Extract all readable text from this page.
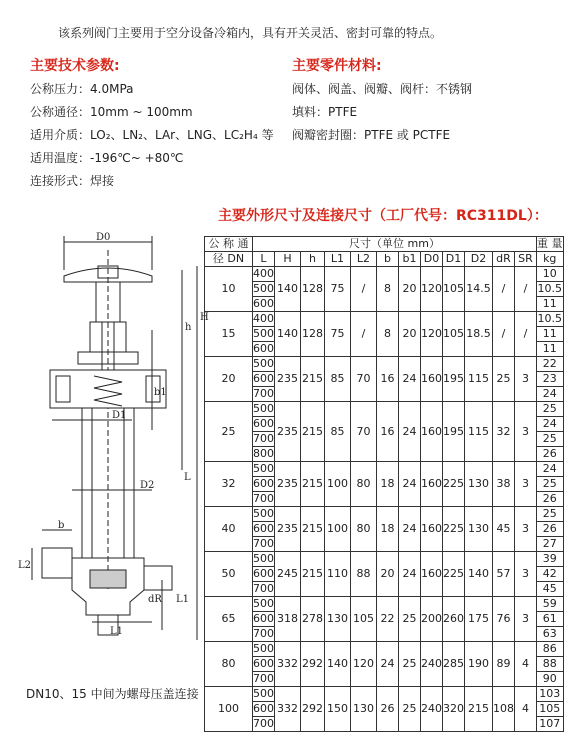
该系列阀门主要用于空分设备冷箱内，具有开关灵活、密封可靠的特点。
主要技术参数:
公称压力：4.0MPa
公称通径：10mm ~ 100mm
适用介质：LO₂、LN₂、LAr、LNG、LC₂H₄ 等
适用温度：-196℃~ +80℃
连接形式：焊接
主要零件材料:
阀体、阀盖、阀瓣、阀杆：不锈钢
填料：PTFE
阀瓣密封圈：PTFE 或 PCTFE
主要外形尺寸及连接尺寸（工厂代号：RC311DL）：
D0
h
H
b1
D1
L
D2
b
L2
dR L1
L1
DN10、15 中间为螺母压盖连接
公 称 通	尺寸（单位 mm）												重 量
径 DN	L	H	h	L1	L2	b	b1	D0	D1	D2	dR	SR	kg
10	400	140	128	75	/	8	20	120	105	14.5	/	/	10
	500												10.5
	600												11
15	400	140	128	75	/	8	20	120	105	18.5	/	/	10.5
	500												11
	600												11
20	500	235	215	85	70	16	24	160	195	115	25	3	22
	600												23
	700												24
25	500	235	215	85	70	16	24	160	195	115	32	3	25
	600												24
	700												25
	800												26
32	500	235	215	100	80	18	24	160	225	130	38	3	24
	600												25
	700												26
40	500	235	215	100	80	18	24	160	225	130	45	3	25
	600												26
	700												27
50	500	245	215	110	88	20	24	160	225	140	57	3	39
	600												42
	700												45
65	500	318	278	130	105	22	25	200	260	175	76	3	59
	600												61
	700												63
80	500	332	292	140	120	24	25	240	285	190	89	4	86
	600												88
	700												90
100	500	332	292	150	130	26	25	240	320	215	108	4	103
	600												105
	700												107
